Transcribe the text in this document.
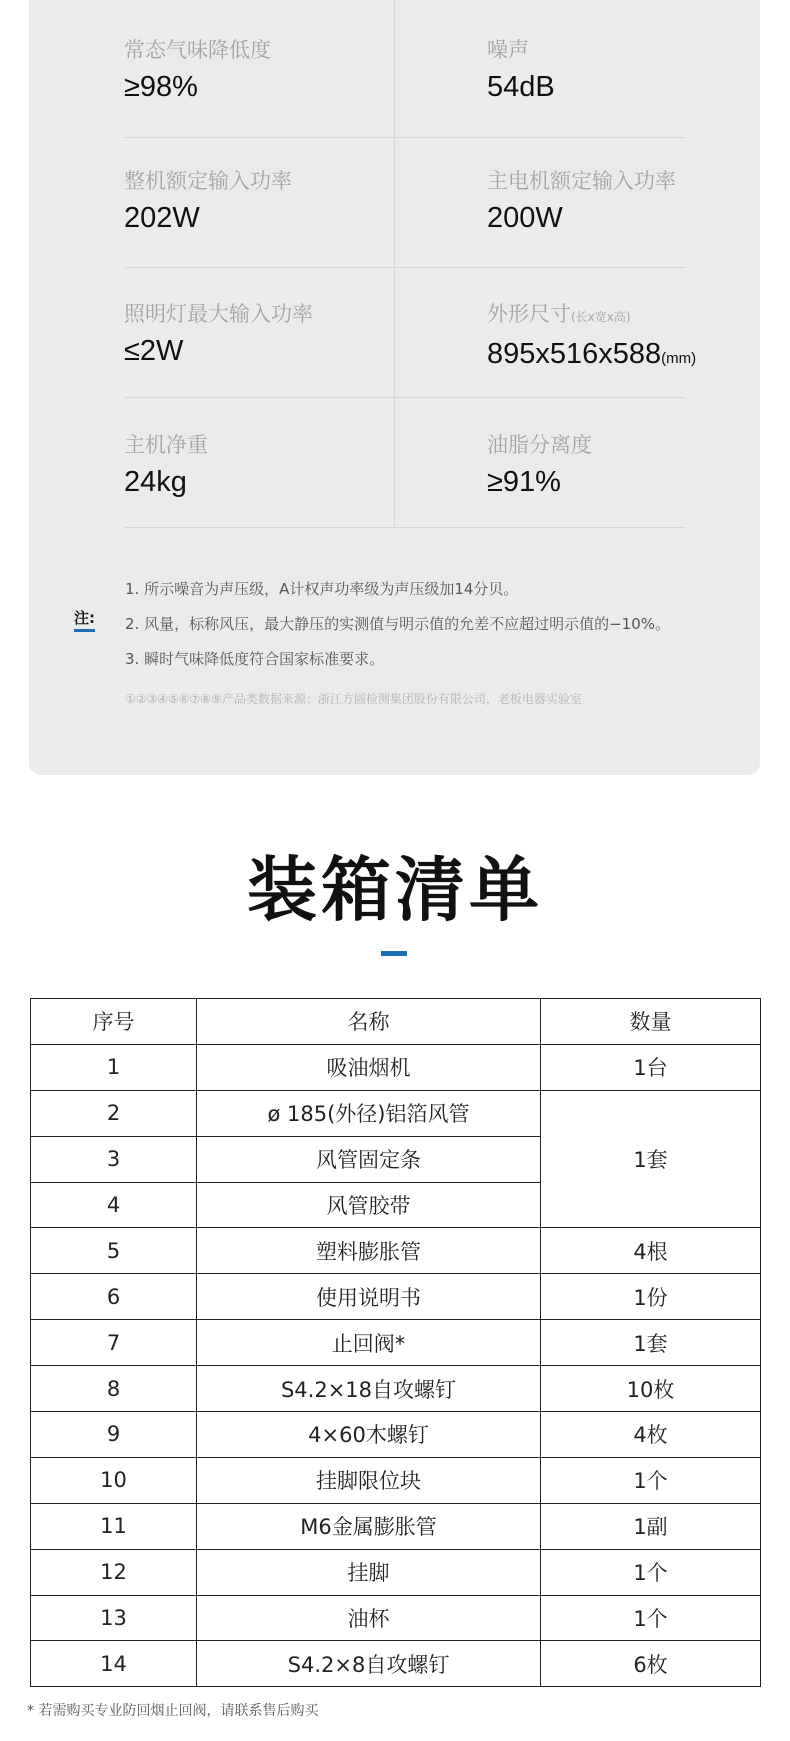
常态气味降低度
≥98%
噪声
54dB
整机额定输入功率
202W
主电机额定输入功率
200W
照明灯最大输入功率
≤2W
外形尺寸(长x宽x高)
895x516x588(mm)
主机净重
24kg
油脂分离度
≥91%
注:

1. 所示噪音为声压级，A计权声功率级为声压级加14分贝。

2. 风量，标称风压，最大静压的实测值与明示值的允差不应超过明示值的−10%。

3. 瞬时气味降低度符合国家标准要求。

①②③④⑤⑥⑦⑧⑨产品类数据来源：浙江方圆检测集团股份有限公司，老板电器实验室
装箱清单
序号	名称	数量
1	吸油烟机	1台
2	ø 185(外径)铝箔风管	1套
3	风管固定条	
4	风管胶带	
5	塑料膨胀管	4根
6	使用说明书	1份
7	止回阀*	1套
8	S4.2×18自攻螺钉	10枚
9	4×60木螺钉	4枚
10	挂脚限位块	1个
11	M6金属膨胀管	1副
12	挂脚	1个
13	油杯	1个
14	S4.2×8自攻螺钉	6枚
* 若需购买专业防回烟止回阀，请联系售后购买
